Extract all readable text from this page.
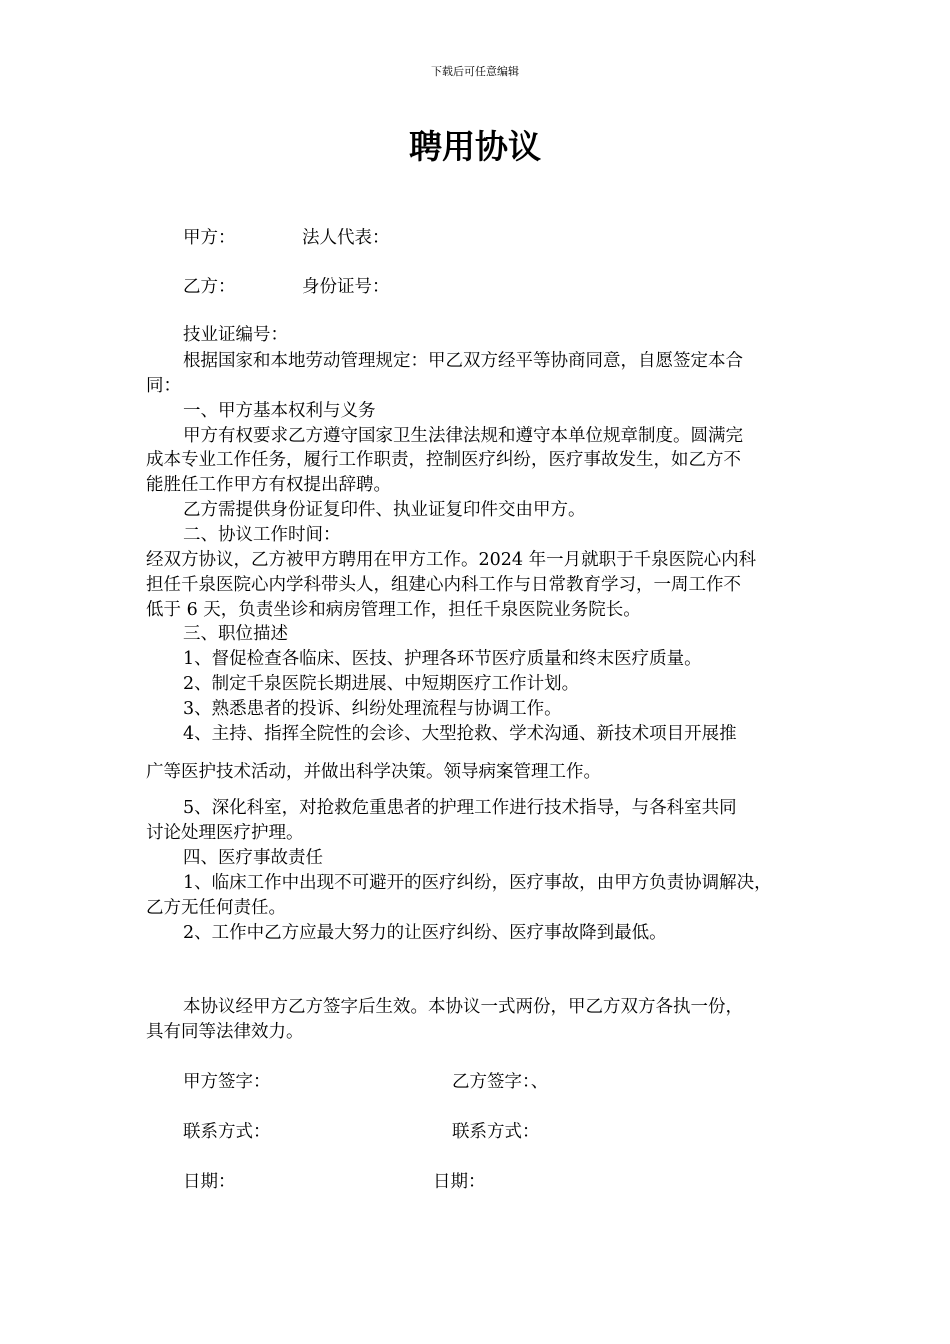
下载后可任意编辑
聘用协议
甲方：	法人代表：
乙方：	身份证号：
技业证编号：
根据国家和本地劳动管理规定：甲乙双方经平等协商同意，自愿签定本合
同：
一、甲方基本权利与义务
甲方有权要求乙方遵守国家卫生法律法规和遵守本单位规章制度。圆满完
成本专业工作任务，履行工作职责，控制医疗纠纷，医疗事故发生，如乙方不
能胜任工作甲方有权提出辞聘。
乙方需提供身份证复印件、执业证复印件交由甲方。
二、协议工作时间：
经双方协议，乙方被甲方聘用在甲方工作。2024 年一月就职于千泉医院心内科
担任千泉医院心内学科带头人，组建心内科工作与日常教育学习，一周工作不
低于 6 天，负责坐诊和病房管理工作，担任千泉医院业务院长。
三、职位描述
1、督促检查各临床、医技、护理各环节医疗质量和终末医疗质量。
2、制定千泉医院长期进展、中短期医疗工作计划。
3、熟悉患者的投诉、纠纷处理流程与协调工作。
4、主持、指挥全院性的会诊、大型抢救、学术沟通、新技术项目开展推
广等医护技术活动，并做出科学决策。领导病案管理工作。
5、深化科室，对抢救危重患者的护理工作进行技术指导，与各科室共同
讨论处理医疗护理。
四、医疗事故责任
1、临床工作中出现不可避开的医疗纠纷，医疗事故，由甲方负责协调解决，
乙方无任何责任。
2、工作中乙方应最大努力的让医疗纠纷、医疗事故降到最低。
本协议经甲方乙方签字后生效。本协议一式两份，甲乙方双方各执一份，
具有同等法律效力。
甲方签字：	乙方签字：、
联系方式：	联系方式：
日期：	日期：
